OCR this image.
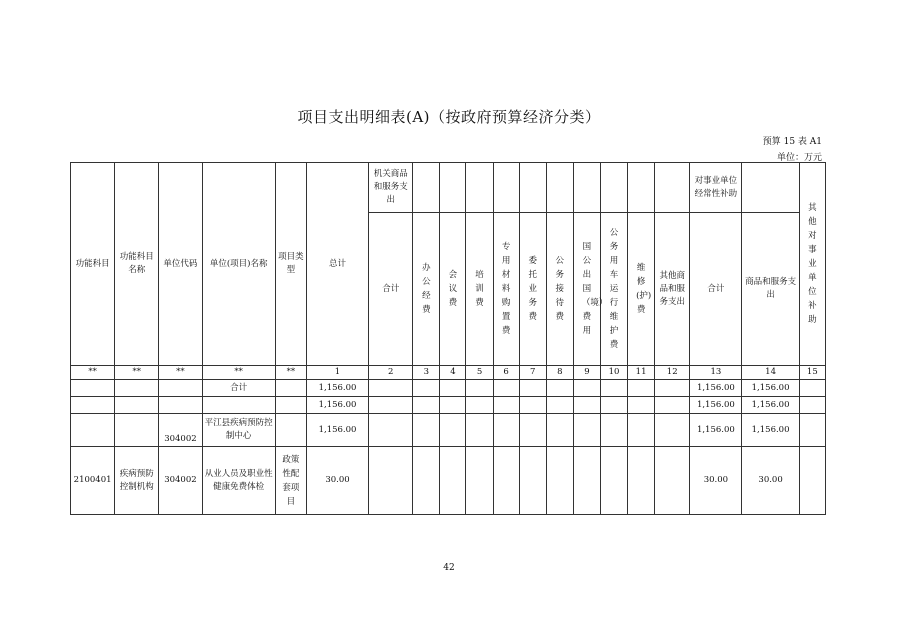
项目支出明细表(A)（按政府预算经济分类）
预算 15 表 A1
单位：万元
功能科目	功能科目名称	单位代码	单位(项目)名称	项目类型	总计	机关商品和服务支出											对事业单位经常性补助		其他对事业单位补助
						合计	办公经费	会议费	培训费	专用材料购置费	委托业务费	公务接待费	国公出国（境）费用	公务用车运行维护费	维修(护)费	其他商品和服务支出	合计	商品和服务支出	
**	**	**	**	**	1	2	3	4	5	6	7	8	9	10	11	12	13	14	15
			合计		1,156.00												1,156.00	1,156.00	
					1,156.00												1,156.00	1,156.00	
		304002	平江县疾病预防控制中心		1,156.00												1,156.00	1,156.00	
2100401	疾病预防控制机构	304002	从业人员及职业性健康免费体检	政策性配套项目	30.00												30.00	30.00	
42
